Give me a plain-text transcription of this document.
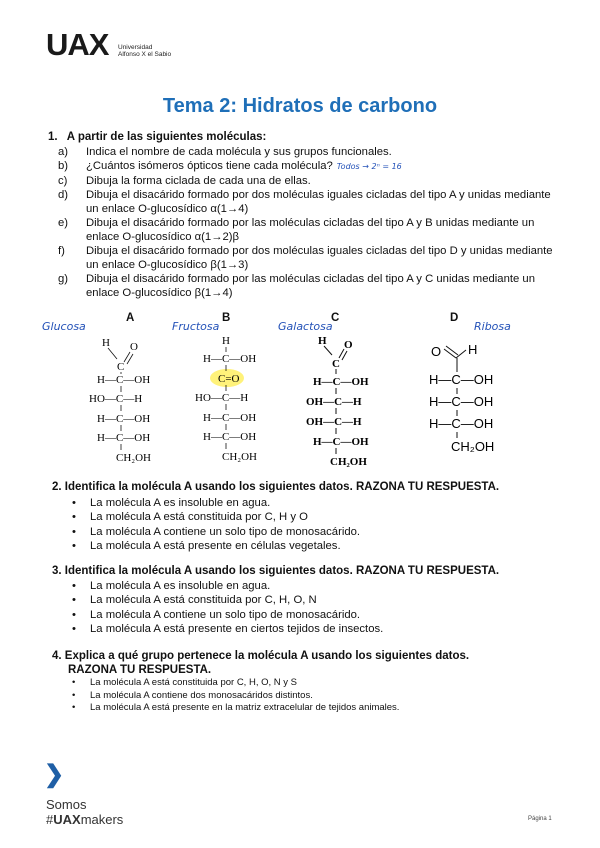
UAX Universidad
Alfonso X el Sabio
Tema 2: Hidratos de carbono
1. A partir de las siguientes moléculas:
a) Indica el nombre de cada molécula y sus grupos funcionales.
b) ¿Cuántos isómeros ópticos tiene cada molécula? Todos → 2ⁿ = 16
c) Dibuja la forma ciclada de cada una de ellas.
d) Dibuja el disacárido formado por dos moléculas iguales cicladas del tipo A y unidas mediante un enlace O-glucosídico α(1→4)
e) Dibuja el disacárido formado por las moléculas cicladas del tipo A y B unidas mediante un enlace O-glucosídico α(1→2)β
f) Dibuja el disacárido formado por dos moléculas iguales cicladas del tipo D y unidas mediante un enlace O-glucosídico β(1→3)
g) Dibuja el disacárido formado por las moléculas cicladas del tipo A y C unidas mediante un enlace O-glucosídico β(1→4)
A	B	C	D
Glucosa	Fructosa	Galactosa	Ribosa
H
C
O
H—C—OH
HO—C—H
H—C—OH
H—C—OH
CH₂OH
H
H—C—OH
C=O
HO—C—H
H—C—OH
H—C—OH
CH₂OH
H
C
O
H—C—OH
OH—C—H
OH—C—H
H—C—OH
CH₂OH
O H
H—C—OH
H—C—OH
H—C—OH
CH₂OH
2. Identifica la molécula A usando los siguientes datos. RAZONA TU RESPUESTA.
• La molécula A es insoluble en agua.
• La molécula A está constituida por C, H y O
• La molécula A contiene un solo tipo de monosacárido.
• La molécula A está presente en células vegetales.
3. Identifica la molécula A usando los siguientes datos. RAZONA TU RESPUESTA.
• La molécula A es insoluble en agua.
• La molécula A está constituida por C, H, O, N
• La molécula A contiene un solo tipo de monosacárido.
• La molécula A está presente en ciertos tejidos de insectos.
4. Explica a qué grupo pertenece la molécula A usando los siguientes datos.
RAZONA TU RESPUESTA.
• La molécula A está constituida por C, H, O, N y S
• La molécula A contiene dos monosacáridos distintos.
• La molécula A está presente en la matriz extracelular de tejidos animales.
❯
Somos
#UAXmakers	Página 1
